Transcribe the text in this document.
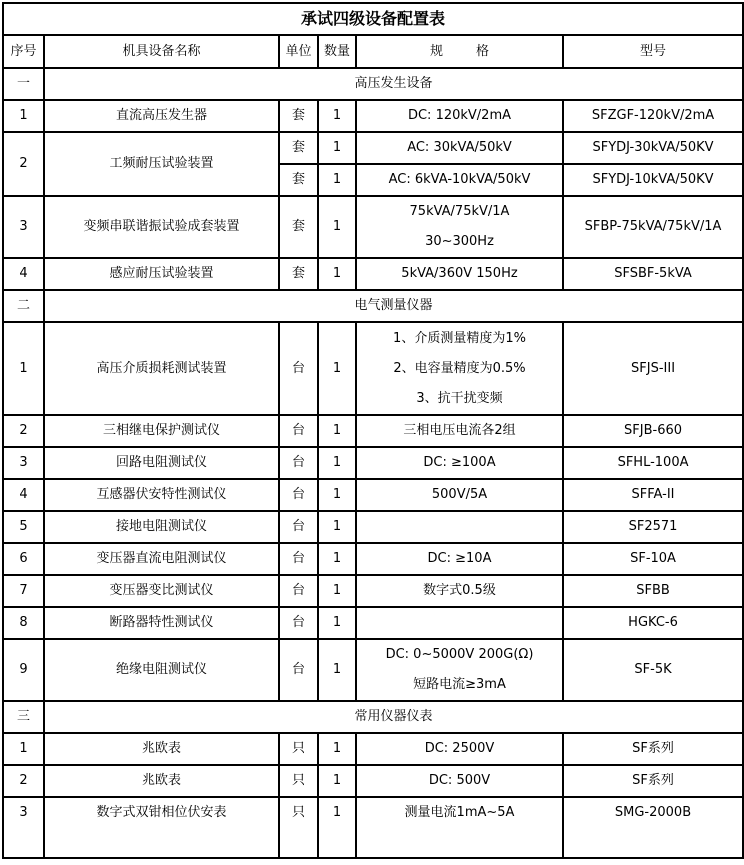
承试四级设备配置表					
序号	机具设备名称	单位	数量	规        格	型号
一	高压发生设备				
1	直流高压发生器	套	1	DC: 120kV/2mA	SFZGF-120kV/2mA
2	工频耐压试验装置	套	1	AC: 30kVA/50kV	SFYDJ-30kVA/50KV
		套	1	AC: 6kVA-10kVA/50kV	SFYDJ-10kVA/50KV
3	变频串联谐振试验成套装置	套	1	75kVA/75kV/1A
30~300Hz	SFBP-75kVA/75kV/1A
4	感应耐压试验装置	套	1	5kVA/360V 150Hz	SFSBF-5kVA
二	电气测量仪器				
1	高压介质损耗测试装置	台	1	1、介质测量精度为1%
2、电容量精度为0.5%
3、抗干扰变频	SFJS-III
2	三相继电保护测试仪	台	1	三相电压电流各2组	SFJB-660
3	回路电阻测试仪	台	1	DC: ≥100A	SFHL-100A
4	互感器伏安特性测试仪	台	1	500V/5A	SFFA-II
5	接地电阻测试仪	台	1		SF2571
6	变压器直流电阻测试仪	台	1	DC: ≥10A	SF-10A
7	变压器变比测试仪	台	1	数字式0.5级	SFBB
8	断路器特性测试仪	台	1		HGKC-6
9	绝缘电阻测试仪	台	1	DC: 0~5000V 200G(Ω)
短路电流≥3mA	SF-5K
三	常用仪器仪表				
1	兆欧表	只	1	DC: 2500V	SF系列
2	兆欧表	只	1	DC: 500V	SF系列
3	数字式双钳相位伏安表	只	1	测量电流1mA~5A	SMG-2000B
